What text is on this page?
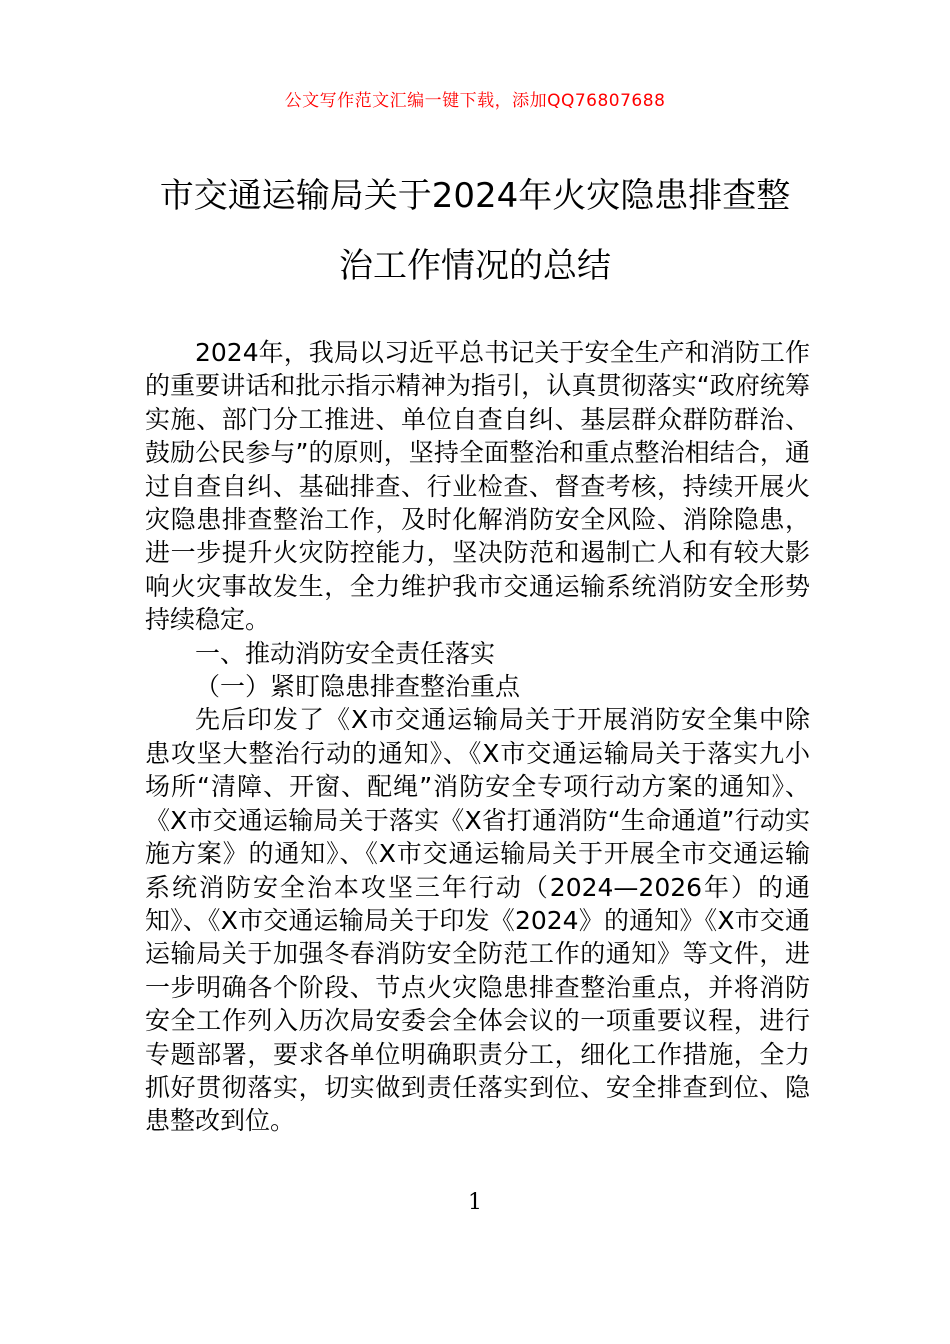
公文写作范文汇编一键下载，添加QQ76807688
市交通运输局关于2024年火灾隐患排查整
治工作情况的总结

2024年，我局以习近平总书记关于安全生产和消防工作的重要讲话和批示指示精神为指引，认真贯彻落实“政府统筹实施、部门分工推进、单位自查自纠、基层群众群防群治、鼓励公民参与”的原则，坚持全面整治和重点整治相结合，通过自查自纠、基础排查、行业检查、督查考核，持续开展火灾隐患排查整治工作，及时化解消防安全风险、消除隐患，进一步提升火灾防控能力，坚决防范和遏制亡人和有较大影响火灾事故发生，全力维护我市交通运输系统消防安全形势持续稳定。

一、推动消防安全责任落实

（一）紧盯隐患排查整治重点

先后印发了《X市交通运输局关于开展消防安全集中除患攻坚大整治行动的通知》、《X市交通运输局关于落实九小场所“清障、开窗、配绳”消防安全专项行动方案的通知》、《X市交通运输局关于落实《X省打通消防“生命通道”行动实施方案》的通知》、《X市交通运输局关于开展全市交通运输系统消防安全治本攻坚三年行动（2024—2026年）的通知》、《X市交通运输局关于印发《2024》的通知》《X市交通运输局关于加强冬春消防安全防范工作的通知》等文件，进一步明确各个阶段、节点火灾隐患排查整治重点，并将消防安全工作列入历次局安委会全体会议的一项重要议程，进行专题部署，要求各单位明确职责分工，细化工作措施，全力抓好贯彻落实，切实做到责任落实到位、安全排查到位、隐患整改到位。

1
